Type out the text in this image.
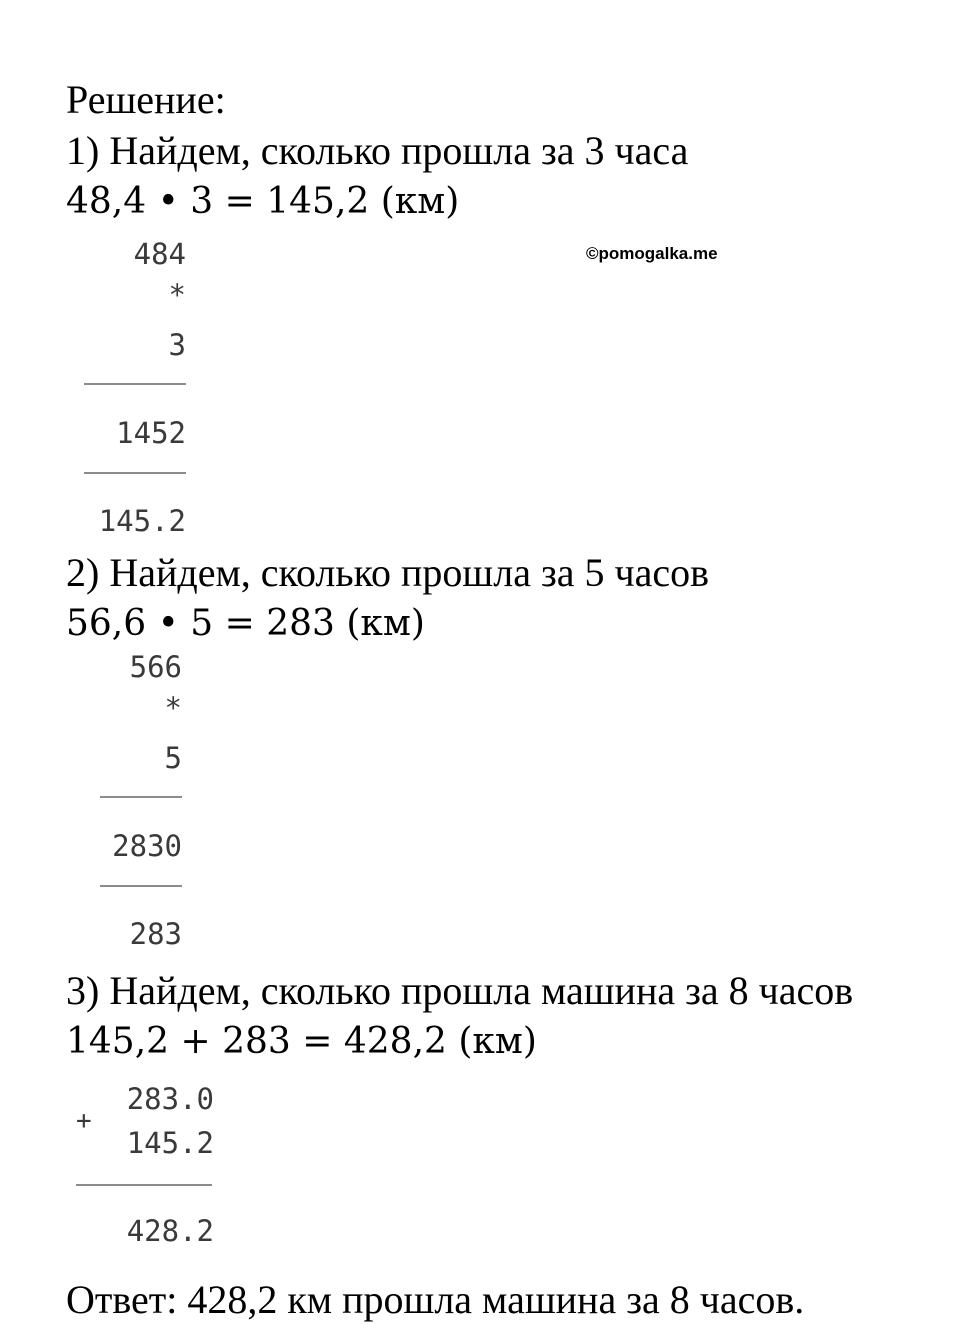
Решение:
1) Найдем, сколько прошла за 3 часа
48,4 • 3 = 145,2 (км)
©pomogalka.me
484
*
3
1452
145.2
2) Найдем, сколько прошла за 5 часов
56,6 • 5 = 283 (км)
566
*
5
2830
283
3) Найдем, сколько прошла машина за 8 часов
145,2 + 283 = 428,2 (км)
+
283.0
145.2
428.2
Ответ: 428,2 км прошла машина за 8 часов.
